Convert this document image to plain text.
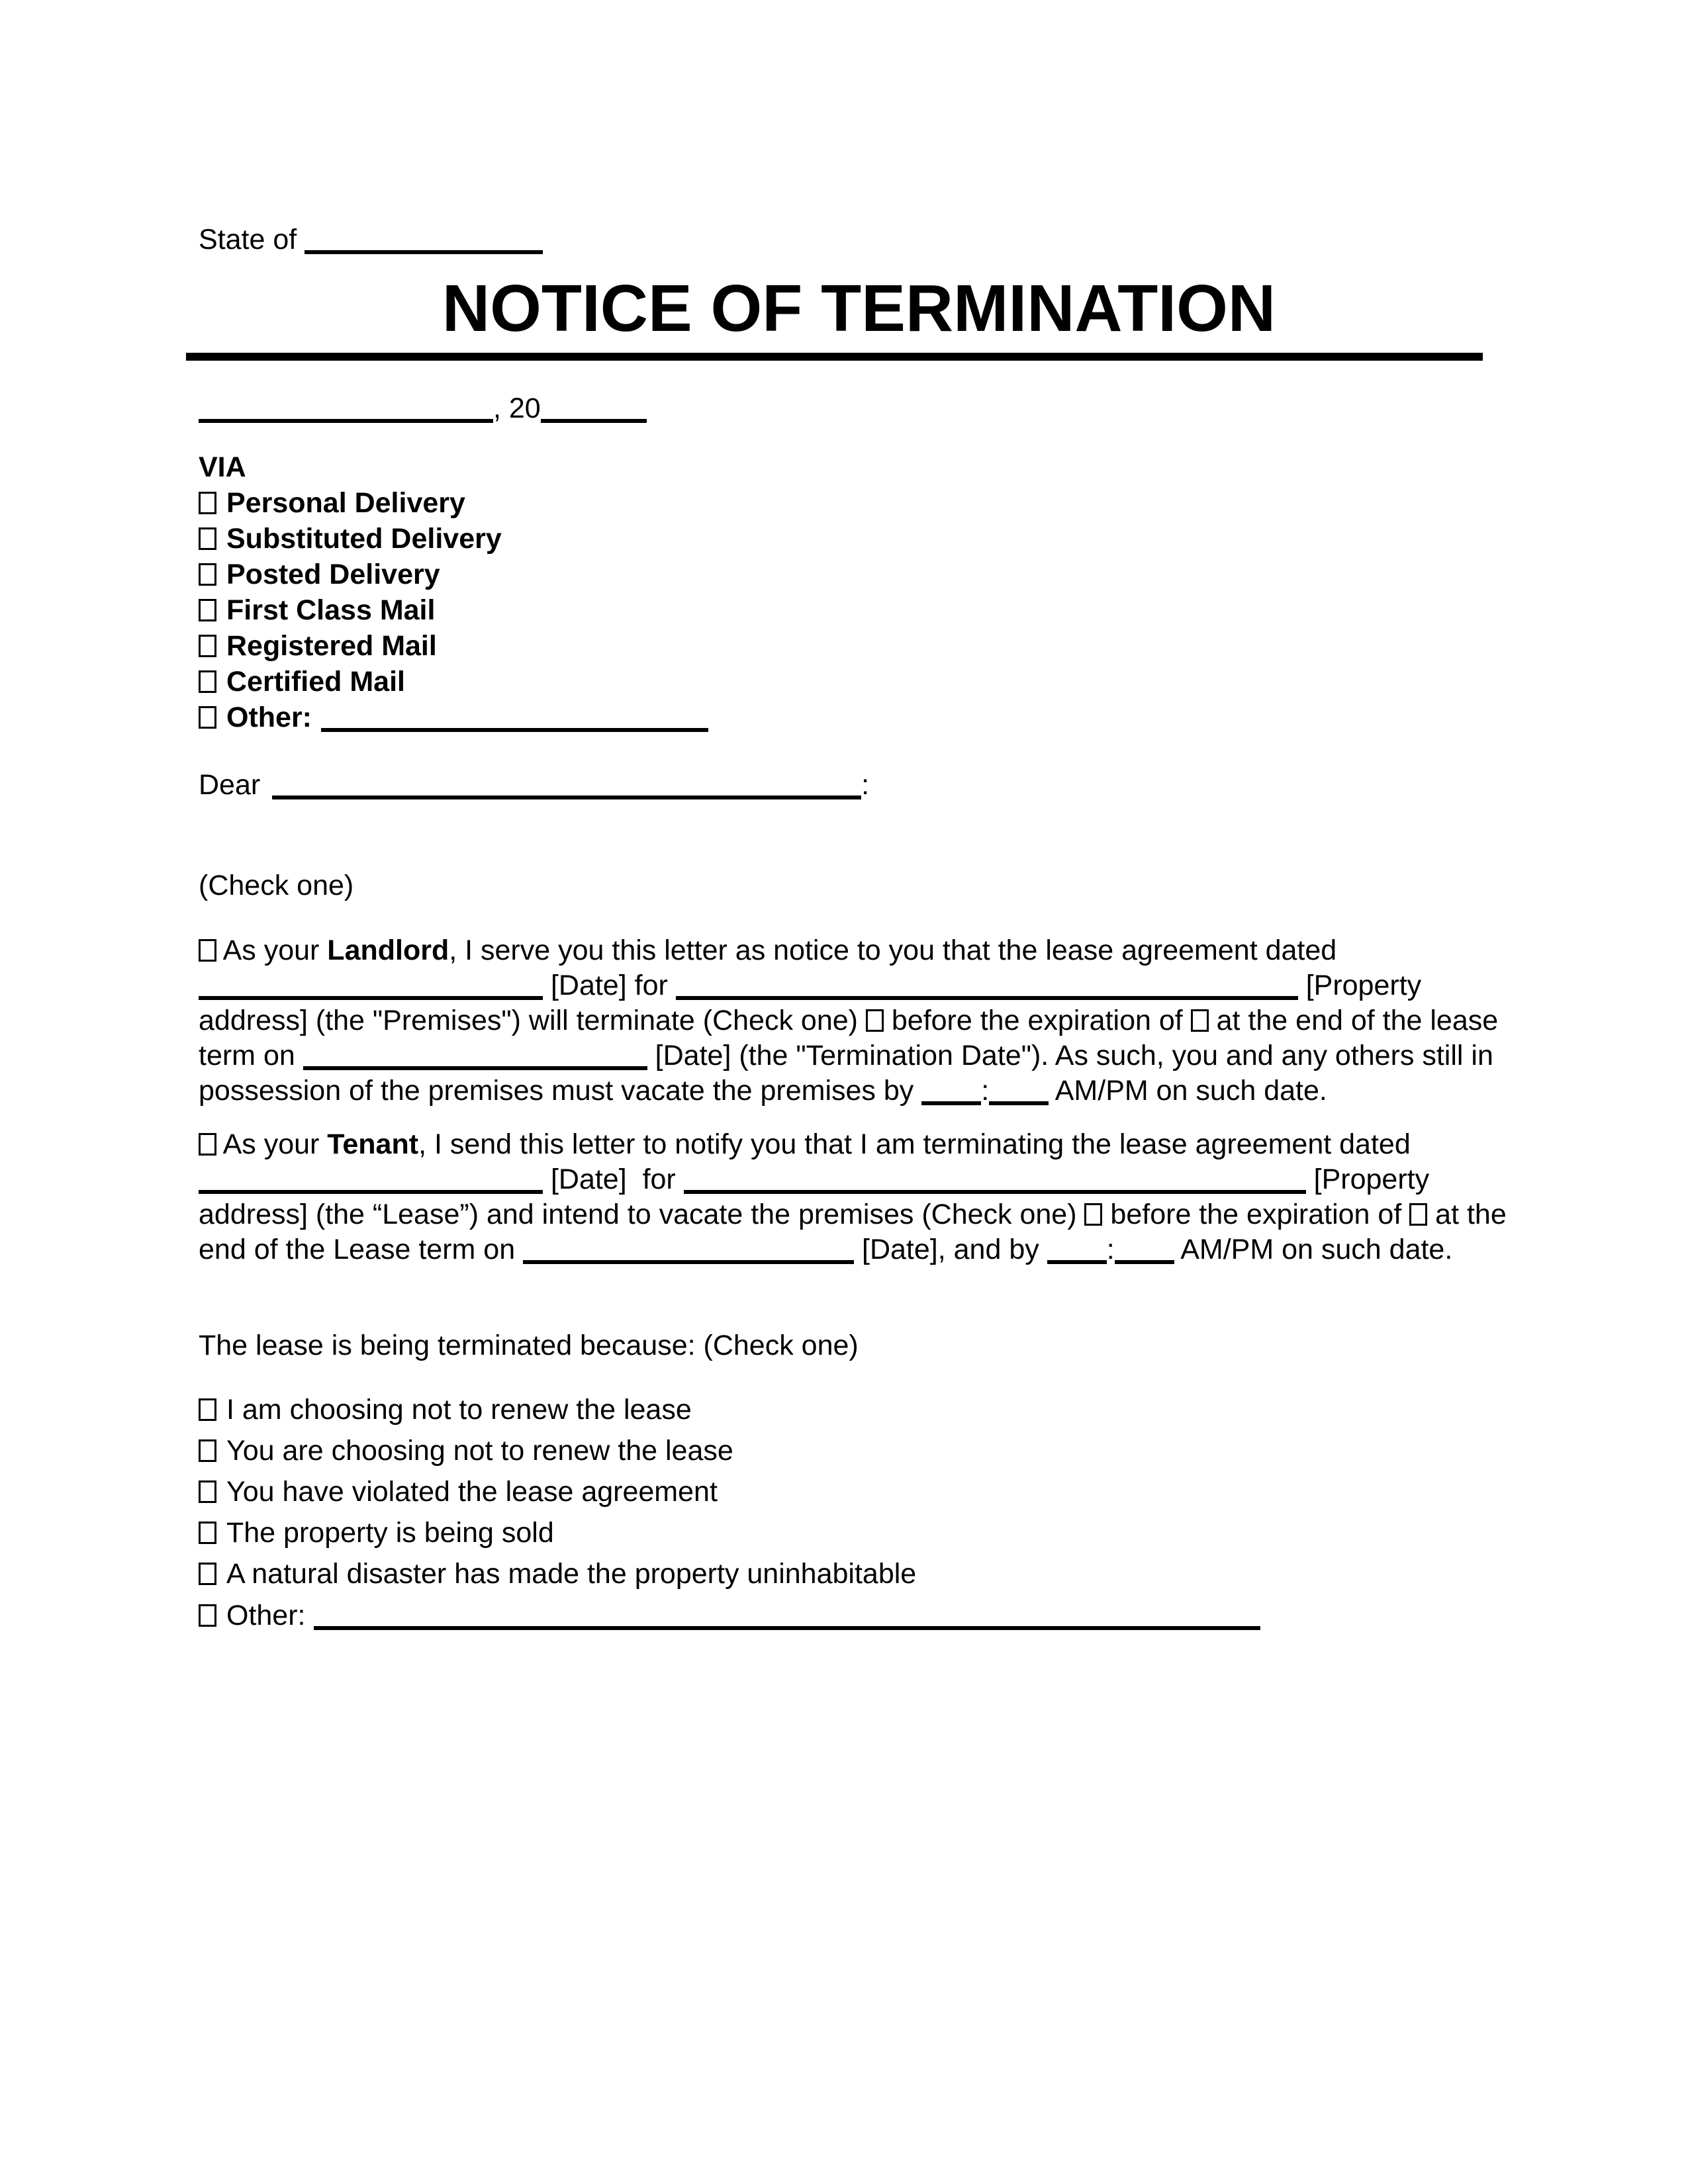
State of
NOTICE OF TERMINATION
, 20
VIA
Personal Delivery
Substituted Delivery
Posted Delivery
First Class Mail
Registered Mail
Certified Mail
Other:
Dear	:
(Check one)
As your Landlord, I serve you this letter as notice to you that the lease agreement dated
[Date] for	[Property
address] (the "Premises") will terminate (Check one)  before the expiration of  at the end of the lease
term on	[Date] (the "Termination Date"). As such, you and any others still in
possession of the premises must vacate the premises by : AM/PM on such date.
As your Tenant, I send this letter to notify you that I am terminating the lease agreement dated
[Date]  for	[Property
address] (the “Lease”) and intend to vacate the premises (Check one)  before the expiration of  at the
end of the Lease term on	[Date], and by : AM/PM on such date.
The lease is being terminated because: (Check one)
I am choosing not to renew the lease
You are choosing not to renew the lease
You have violated the lease agreement
The property is being sold
A natural disaster has made the property uninhabitable
Other:
